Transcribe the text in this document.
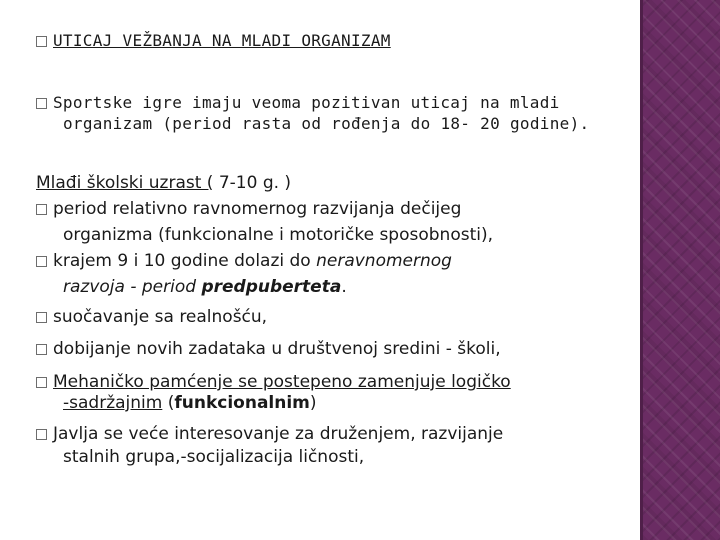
UTICAJ VEŽBANJA NA MLADI ORGANIZAM
Sportske igre imaju veoma pozitivan uticaj na mladi
organizam (period rasta od rođenja do 18- 20 godine).
Mlađi školski uzrast ( 7-10 g. )
period relativno ravnomernog razvijanja dečijeg
organizma (funkcionalne i motoričke sposobnosti),
krajem 9 i 10 godine dolazi do neravnomernog
razvoja - period predpuberteta.
suočavanje sa realnošću,
dobijanje novih zadataka u društvenoj sredini - školi,
Mehaničko pamćenje se postepeno zamenjuje logičko
-sadržajnim (funkcionalnim)
Javlja se veće interesovanje za druženjem, razvijanje
stalnih grupa,-socijalizacija ličnosti,
